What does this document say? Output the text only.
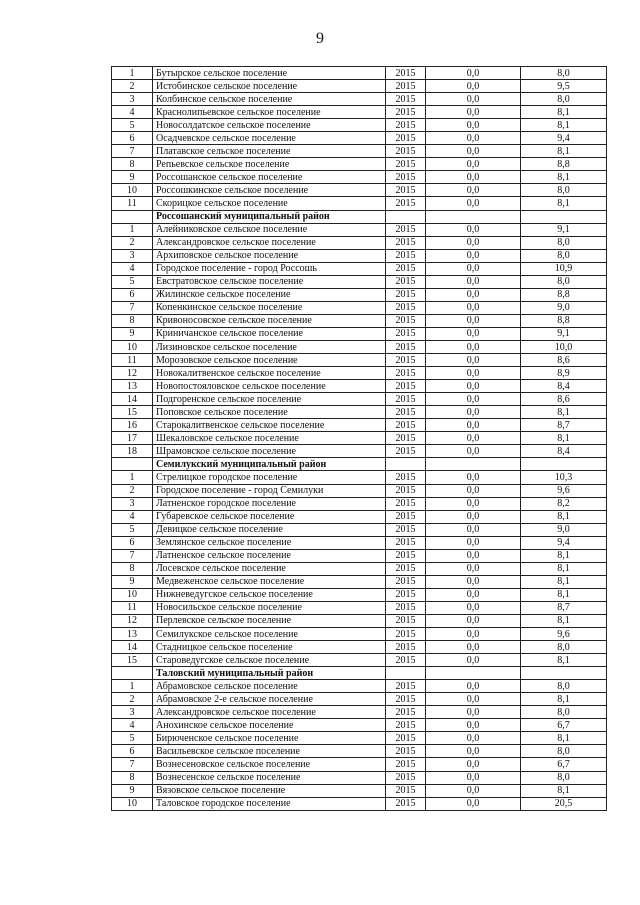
9
1	Бутырское сельское поселение	2015	0,0	8,0
2	Истобинское сельское поселение	2015	0,0	9,5
3	Колбинское сельское поселение	2015	0,0	8,0
4	Краснолипьевское сельское поселение	2015	0,0	8,1
5	Новосолдатское сельское поселение	2015	0,0	8,1
6	Осадчевское сельское поселение	2015	0,0	9,4
7	Платавское сельское поселение	2015	0,0	8,1
8	Репьевское сельское поселение	2015	0,0	8,8
9	Россошанское сельское поселение	2015	0,0	8,1
10	Россошкинское сельское поселение	2015	0,0	8,0
11	Скорицкое сельское поселение	2015	0,0	8,1
	Россошанский муниципальный район			
1	Алейниковское сельское поселение	2015	0,0	9,1
2	Александровское сельское поселение	2015	0,0	8,0
3	Архиповское сельское поселение	2015	0,0	8,0
4	Городское поселение - город Россошь	2015	0,0	10,9
5	Евстратовское сельское поселение	2015	0,0	8,0
6	Жилинское сельское поселение	2015	0,0	8,8
7	Копенкинское сельское поселение	2015	0,0	9,0
8	Кривоносовское сельское поселение	2015	0,0	8,8
9	Криничанское сельское поселение	2015	0,0	9,1
10	Лизиновское сельское поселение	2015	0,0	10,0
11	Морозовское сельское поселение	2015	0,0	8,6
12	Новокалитвенское сельское поселение	2015	0,0	8,9
13	Новопостояловское сельское поселение	2015	0,0	8,4
14	Подгоренское сельское поселение	2015	0,0	8,6
15	Поповское сельское поселение	2015	0,0	8,1
16	Старокалитвенское сельское поселение	2015	0,0	8,7
17	Шекаловское сельское поселение	2015	0,0	8,1
18	Шрамовское сельское поселение	2015	0,0	8,4
	Семилукский муниципальный район			
1	Стрелицкое городское поселение	2015	0,0	10,3
2	Городское поселение - город Семилуки	2015	0,0	9,6
3	Латненское городское поселение	2015	0,0	8,2
4	Губаревское сельское поселение	2015	0,0	8,1
5	Девицкое сельское поселение	2015	0,0	9,0
6	Землянское сельское поселение	2015	0,0	9,4
7	Латненское сельское поселение	2015	0,0	8,1
8	Лосевское сельское поселение	2015	0,0	8,1
9	Медвеженское сельское поселение	2015	0,0	8,1
10	Нижневедугское сельское поселение	2015	0,0	8,1
11	Новосильское сельское поселение	2015	0,0	8,7
12	Перлевское сельское поселение	2015	0,0	8,1
13	Семилукское сельское поселение	2015	0,0	9,6
14	Стадницкое сельское поселение	2015	0,0	8,0
15	Староведугское сельское поселение	2015	0,0	8,1
	Таловский муниципальный район			
1	Абрамовское сельское поселение	2015	0,0	8,0
2	Абрамовское 2-е сельское поселение	2015	0,0	8,1
3	Александровское сельское поселение	2015	0,0	8,0
4	Анохинское сельское поселение	2015	0,0	6,7
5	Бирюченское сельское поселение	2015	0,0	8,1
6	Васильевское сельское поселение	2015	0,0	8,0
7	Вознесеновское сельское поселение	2015	0,0	6,7
8	Вознесенское сельское поселение	2015	0,0	8,0
9	Вязовское сельское поселение	2015	0,0	8,1
10	Таловское городское поселение	2015	0,0	20,5
